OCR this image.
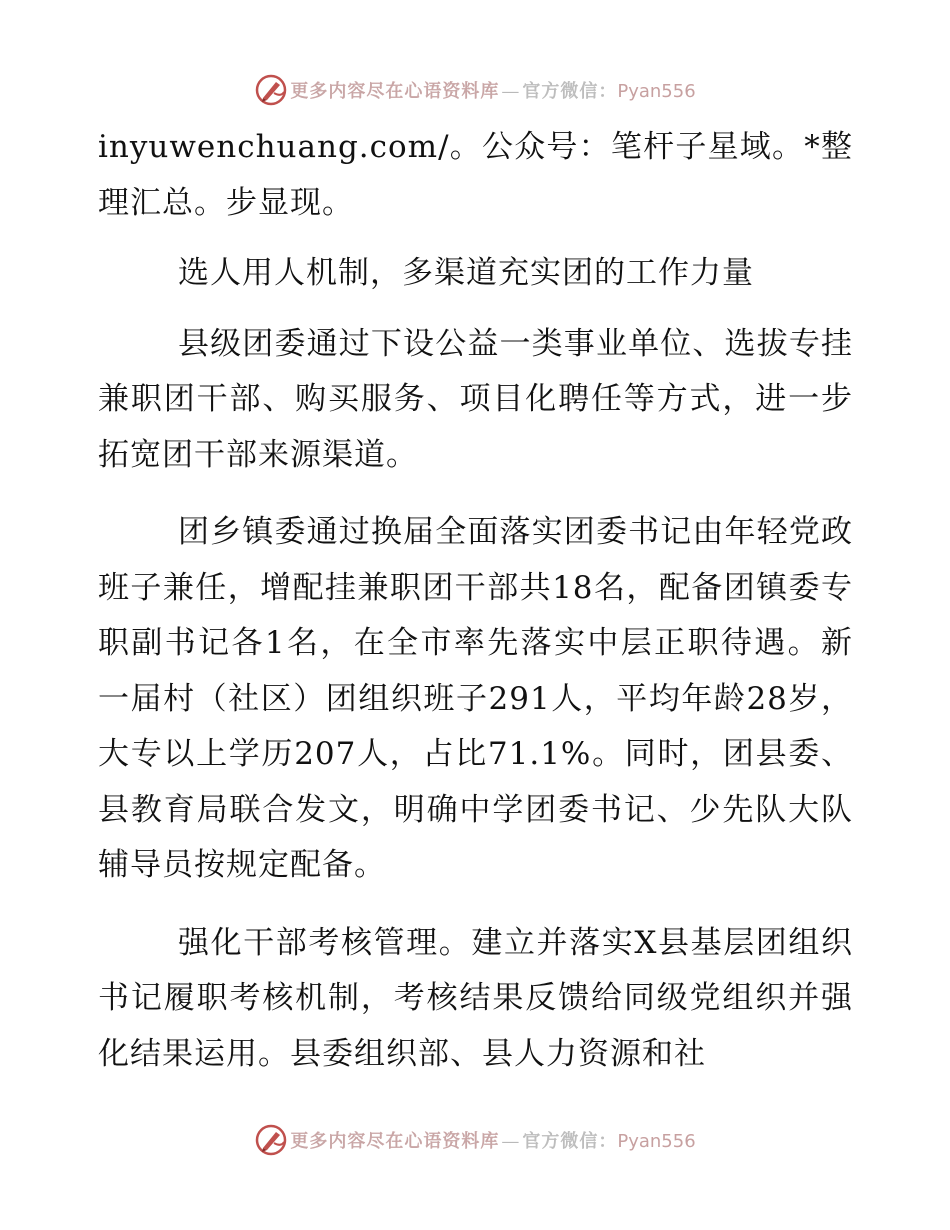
更多内容尽在心语资料库 — 官方微信：Pyan556

inyuwenchuang.com/。公众号：笔杆子星域。*整理汇总。步显现。

选人用人机制，多渠道充实团的工作力量

县级团委通过下设公益一类事业单位、选拔专挂兼职团干部、购买服务、项目化聘任等方式，进一步拓宽团干部来源渠道。

团乡镇委通过换届全面落实团委书记由年轻党政班子兼任，增配挂兼职团干部共18名，配备团镇委专职副书记各1名，在全市率先落实中层正职待遇。新一届村（社区）团组织班子291人，平均年龄28岁，大专以上学历207人，占比71.1%。同时，团县委、县教育局联合发文，明确中学团委书记、少先队大队辅导员按规定配备。

强化干部考核管理。建立并落实X县基层团组织书记履职考核机制，考核结果反馈给同级党组织并强化结果运用。县委组织部、县人力资源和社

更多内容尽在心语资料库 — 官方微信：Pyan556
